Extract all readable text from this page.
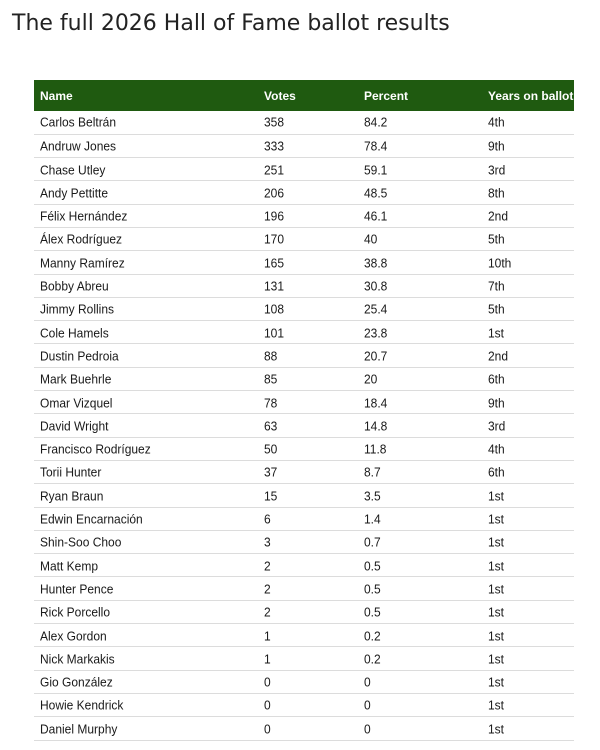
The full 2026 Hall of Fame ballot results
Name	Votes	Percent	Years on ballot
Carlos Beltrán	358	84.2	4th
Andruw Jones	333	78.4	9th
Chase Utley	251	59.1	3rd
Andy Pettitte	206	48.5	8th
Félix Hernández	196	46.1	2nd
Álex Rodríguez	170	40	5th
Manny Ramírez	165	38.8	10th
Bobby Abreu	131	30.8	7th
Jimmy Rollins	108	25.4	5th
Cole Hamels	101	23.8	1st
Dustin Pedroia	88	20.7	2nd
Mark Buehrle	85	20	6th
Omar Vizquel	78	18.4	9th
David Wright	63	14.8	3rd
Francisco Rodríguez	50	11.8	4th
Torii Hunter	37	8.7	6th
Ryan Braun	15	3.5	1st
Edwin Encarnación	6	1.4	1st
Shin-Soo Choo	3	0.7	1st
Matt Kemp	2	0.5	1st
Hunter Pence	2	0.5	1st
Rick Porcello	2	0.5	1st
Alex Gordon	1	0.2	1st
Nick Markakis	1	0.2	1st
Gio González	0	0	1st
Howie Kendrick	0	0	1st
Daniel Murphy	0	0	1st
